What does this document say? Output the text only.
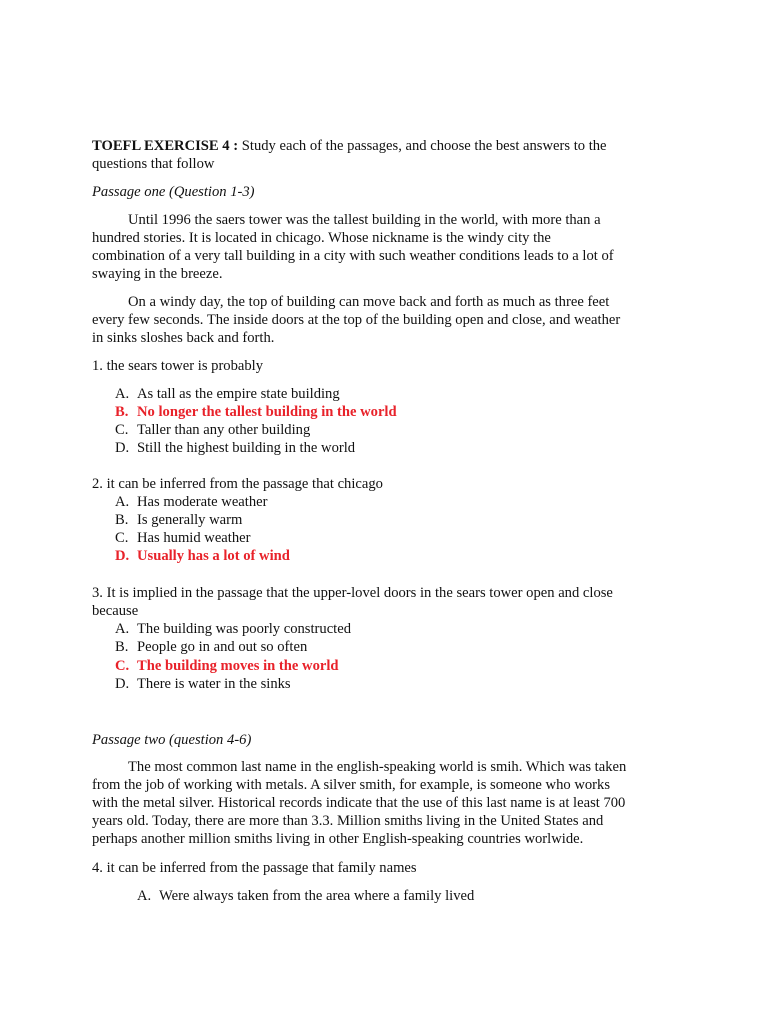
TOEFL EXERCISE 4 : Study each of the passages, and choose the best answers to the

questions that follow

Passage one (Question 1-3)

Until 1996 the saers tower was the tallest building in the world, with more than a

hundred stories. It is located in chicago. Whose nickname is the windy city the

combination of a very tall building in a city with such weather conditions leads to a lot of

swaying in the breeze.

On a windy day, the top of building can move back and forth as much as three feet

every few seconds. The inside doors at the top of the building open and close, and weather

in sinks sloshes back and forth.

1. the sears tower is probably

A. As tall as the empire state building
B. No longer the tallest building in the world
C. Taller than any other building
D. Still the highest building in the world

2. it can be inferred from the passage that chicago

A. Has moderate weather
B. Is generally warm
C. Has humid weather
D. Usually has a lot of wind

3. It is implied in the passage that the upper-lovel doors in the sears tower open and close

because

A. The building was poorly constructed
B. People go in and out so often
C. The building moves in the world
D. There is water in the sinks

Passage two (question 4-6)

The most common last name in the english-speaking world is smih. Which was taken

from the job of working with metals. A silver smith, for example, is someone who works

with the metal silver. Historical records indicate that the use of this last name is at least 700

years old. Today, there are more than 3.3. Million smiths living in the United States and

perhaps another million smiths living in other English-speaking countries worlwide.

4. it can be inferred from the passage that family names

A. Were always taken from the area where a family lived
